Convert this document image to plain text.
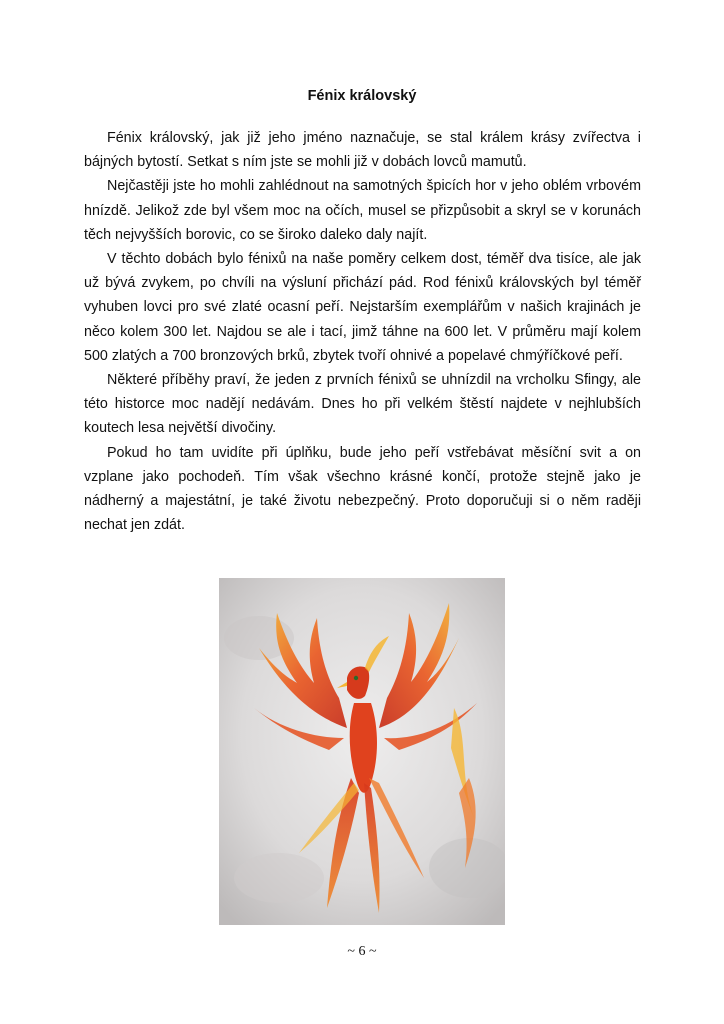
Fénix královský

Fénix královský, jak již jeho jméno naznačuje, se stal králem krásy zvířectva i bájných bytostí. Setkat s ním jste se mohli již v dobách lovců mamutů.

Nejčastěji jste ho mohli zahlédnout na samotných špicích hor v jeho oblém vrbovém hnízdě. Jelikož zde byl všem moc na očích, musel se přizpůsobit a skryl se v korunách těch nejvyšších borovic, co se široko daleko daly najít.

V těchto dobách bylo fénixů na naše poměry celkem dost, téměř dva tisíce, ale jak už bývá zvykem, po chvíli na výsluní přichází pád. Rod fénixů královských byl téměř vyhuben lovci pro své zlaté ocasní peří. Nejstarším exemplářům v našich krajinách je něco kolem 300 let. Najdou se ale i tací, jimž táhne na 600 let. V průměru mají kolem 500 zlatých a 700 bronzových brků, zbytek tvoří ohnivé a popelavé chmýříčkové peří.

Některé příběhy praví, že jeden z prvních fénixů se uhnízdil na vrcholku Sfingy, ale této historce moc nadějí nedávám. Dnes ho při velkém štěstí najdete v nejhlubších koutech lesa největší divočiny.

Pokud ho tam uvidíte při úplňku, bude jeho peří vstřebávat měsíční svit a on vzplane jako pochodeň. Tím však všechno krásné končí, protože stejně jako je nádherný a majestátní, je také životu nebezpečný. Proto doporučuji si o něm raději nechat jen zdát.

~ 6 ~
